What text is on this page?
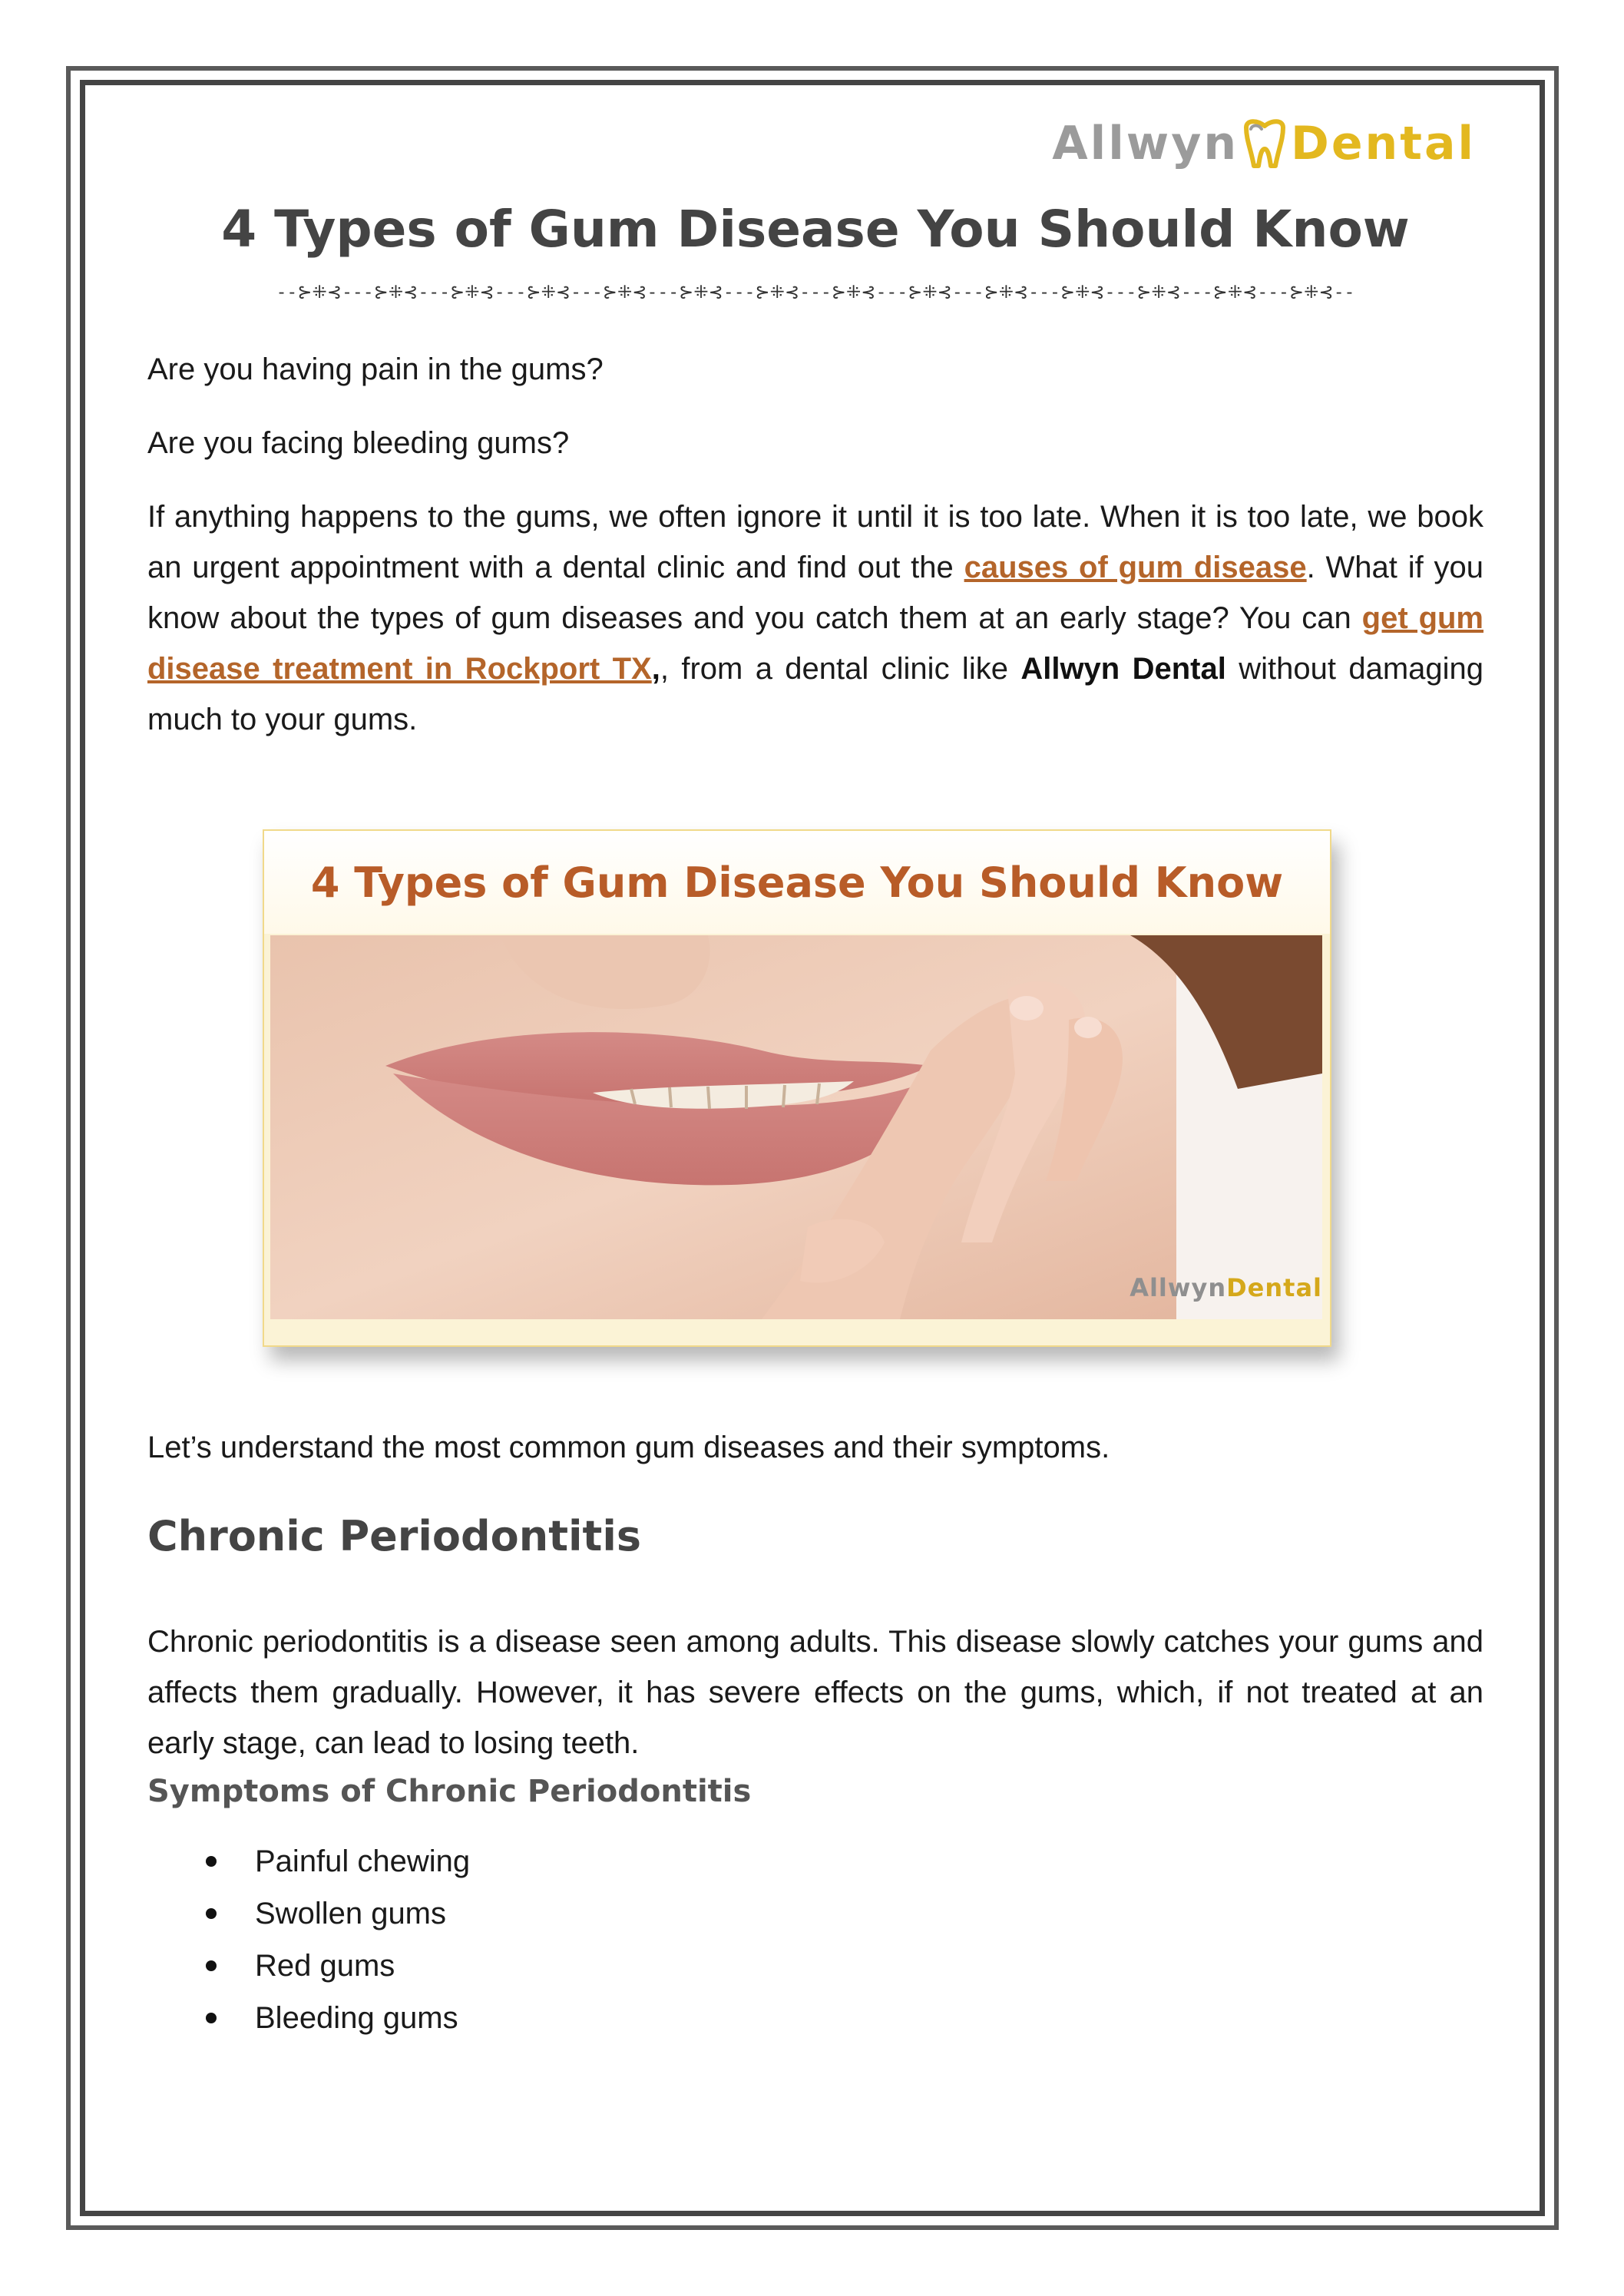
Allwyn Dental
4 Types of Gum Disease You Should Know
--⊱⁜⊰---⊱⁜⊰---⊱⁜⊰---⊱⁜⊰---⊱⁜⊰---⊱⁜⊰---⊱⁜⊰---⊱⁜⊰---⊱⁜⊰---⊱⁜⊰---⊱⁜⊰---⊱⁜⊰---⊱⁜⊰---⊱⁜⊰--

Are you having pain in the gums?

Are you facing bleeding gums?

If anything happens to the gums, we often ignore it until it is too late. When it is too late, we book an urgent appointment with a dental clinic and find out the causes of gum disease. What if you know about the types of gum diseases and you catch them at an early stage? You can get gum disease treatment in Rockport TX,, from a dental clinic like Allwyn Dental without damaging much to your gums.

4 Types of Gum Disease You Should Know
AllwynDental

Let’s understand the most common gum diseases and their symptoms.

Chronic Periodontitis

Chronic periodontitis is a disease seen among adults. This disease slowly catches your gums and affects them gradually. However, it has severe effects on the gums, which, if not treated at an early stage, can lead to losing teeth.

Symptoms of Chronic Periodontitis
Painful chewing
Swollen gums
Red gums
Bleeding gums
